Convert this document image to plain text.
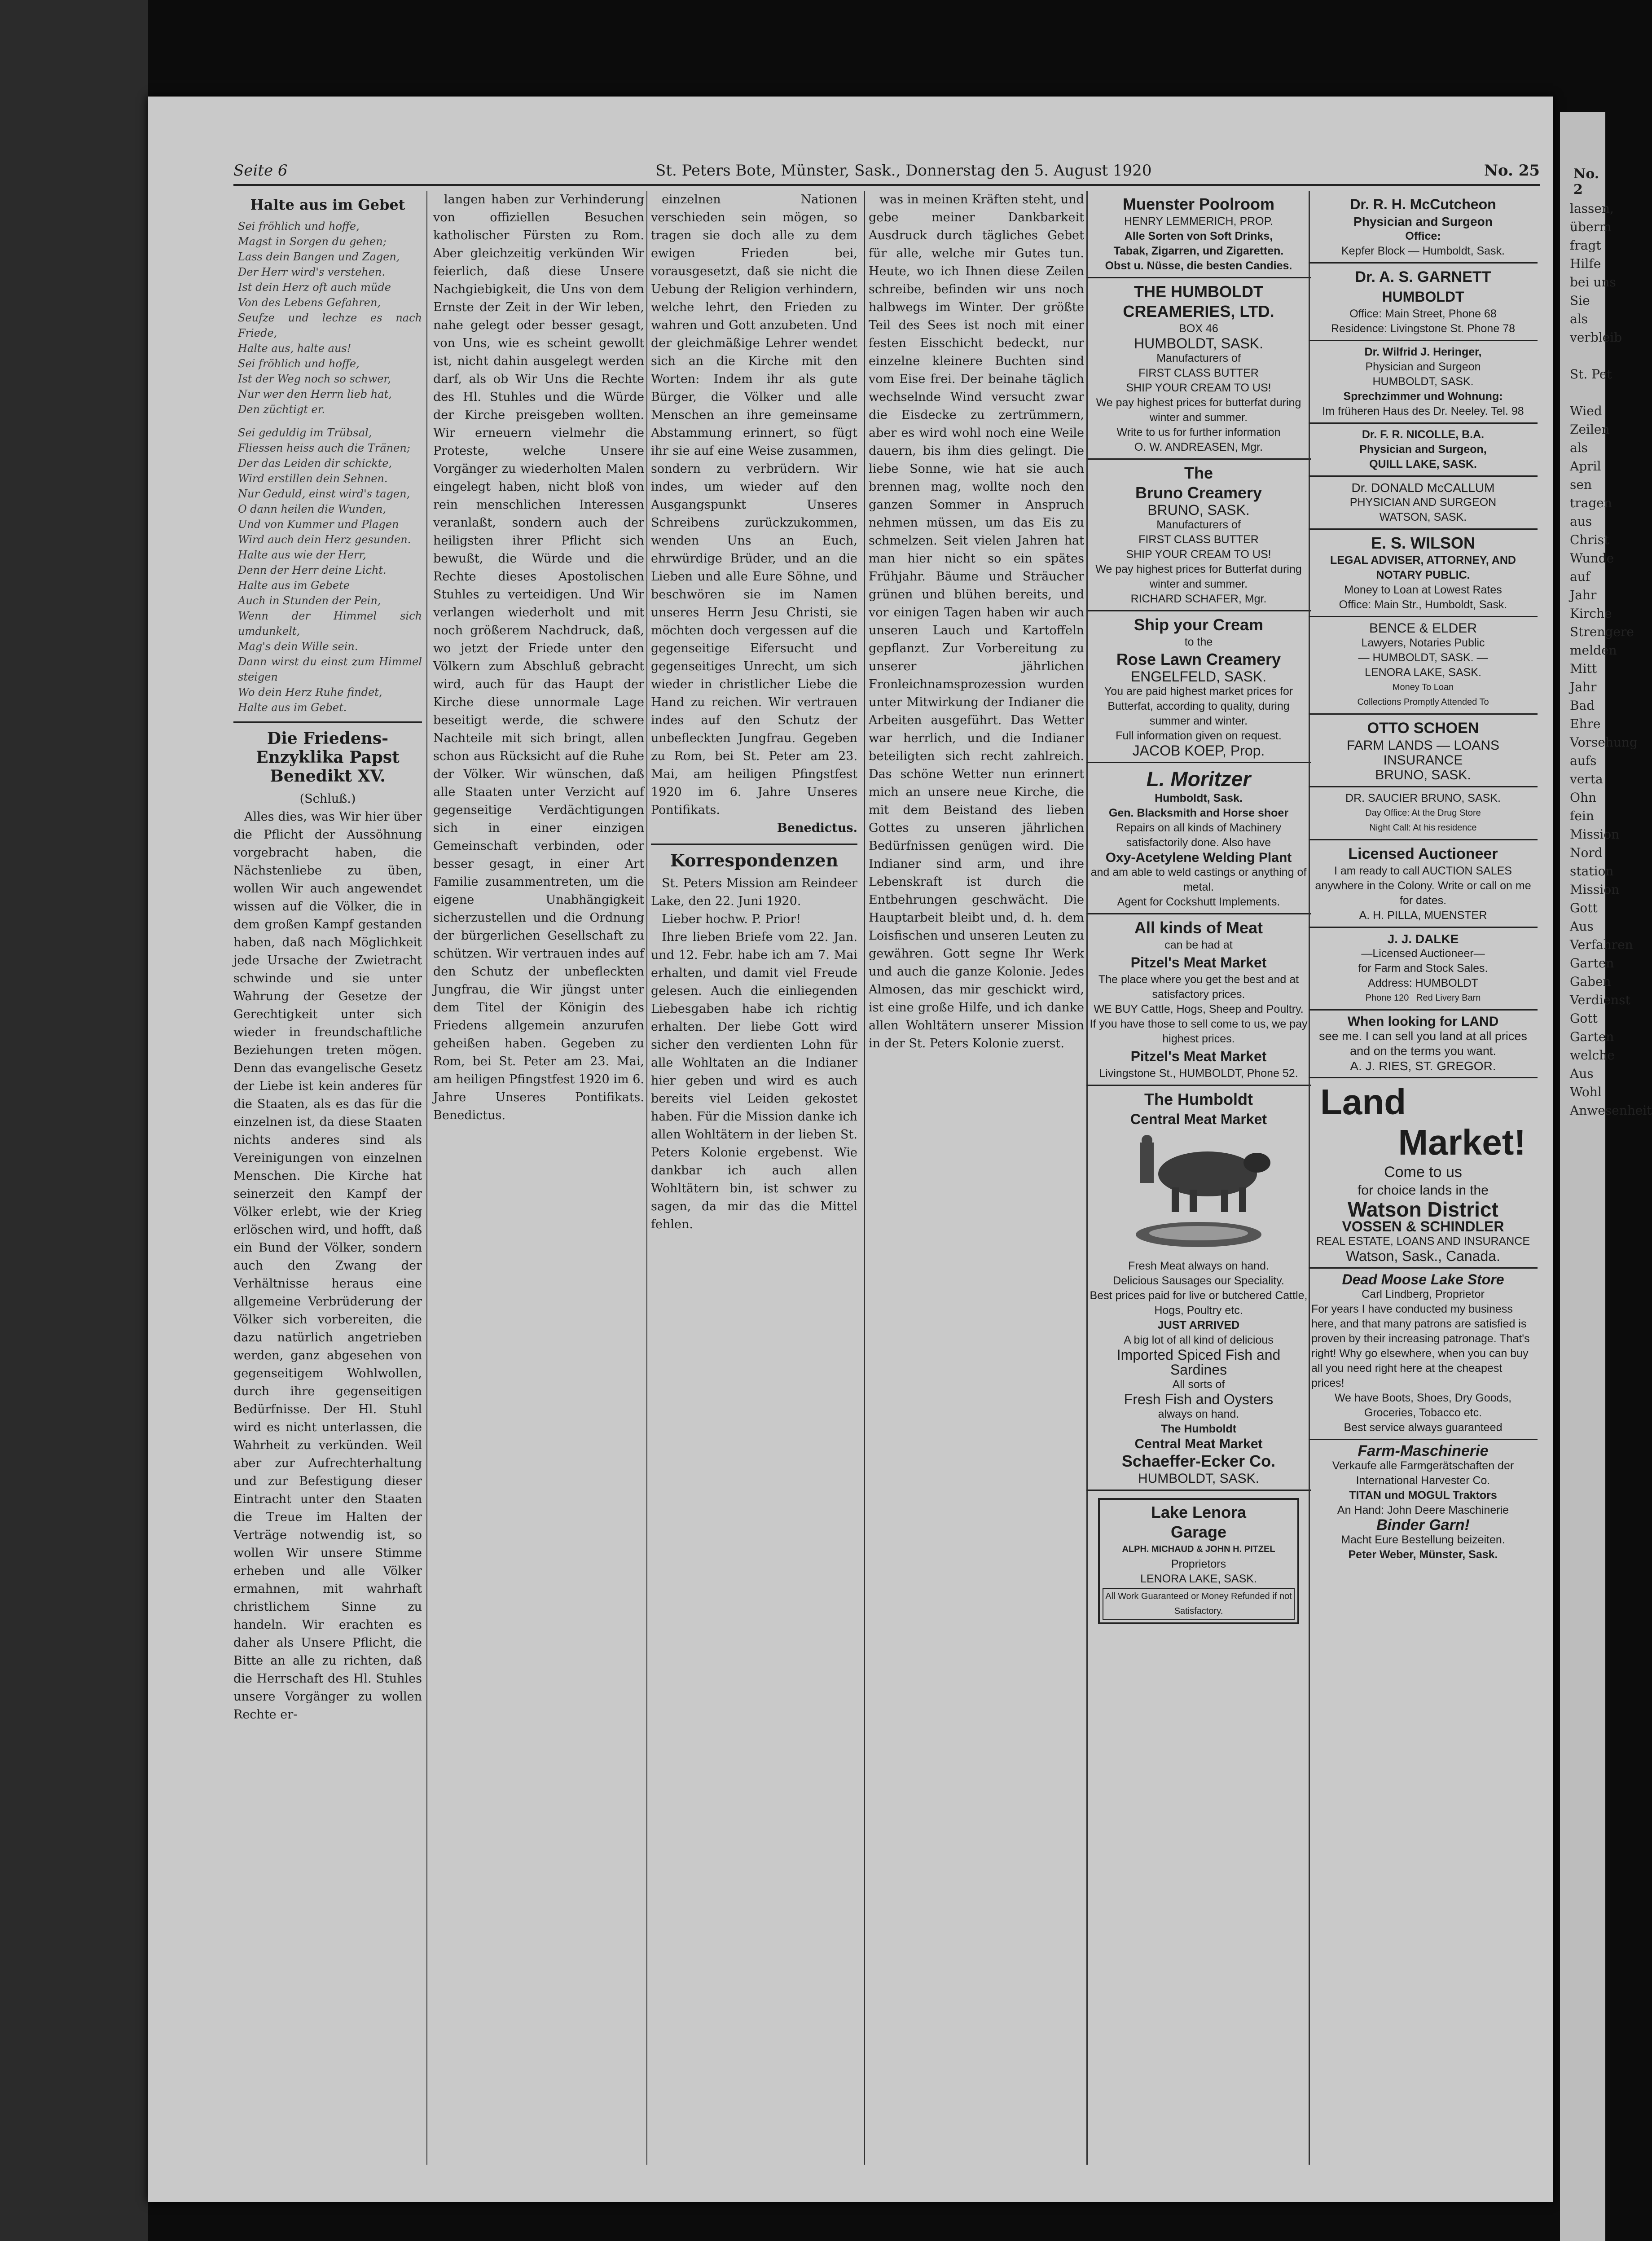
No. 2
lassen,
überm
fragt
Hilfe
bei uns
Sie
als
verbleib

St. Pet

Wied
Zeilen
als
April
sen
tragen
aus
Christ
Wunde
auf
Jahr
Kirche
Strengere
melden
Mitt
Jahr
Bad
Ehre
Vorsehung
aufs
verta
Ohn
fein
Mission
Nord
station
Mission
Gott
Aus
Verfahren
Garten
Gaben
Verdienst
Gott
Garten
welche
Aus
Wohl
Anwesenheit
Seite 6	St. Peters Bote, Münster, Sask., Donnerstag den 5. August 1920	No. 25
Halte aus im Gebet
Sei fröhlich und hoffe,
Magst in Sorgen du gehen;
Lass dein Bangen und Zagen,
Der Herr wird's verstehen.
Ist dein Herz oft auch müde
Von des Lebens Gefahren,
Seufze und lechze es nach Friede,
Halte aus, halte aus!
Sei fröhlich und hoffe,
Ist der Weg noch so schwer,
Nur wer den Herrn lieb hat,
Den züchtigt er.
Sei geduldig im Trübsal,
Fliessen heiss auch die Tränen;
Der das Leiden dir schickte,
Wird erstillen dein Sehnen.
Nur Geduld, einst wird's tagen,
O dann heilen die Wunden,
Und von Kummer und Plagen
Wird auch dein Herz gesunden.
Halte aus wie der Herr,
Denn der Herr deine Licht.
Halte aus im Gebete
Auch in Stunden der Pein,
Wenn der Himmel sich umdunkelt,
Mag's dein Wille sein.
Dann wirst du einst zum Himmel steigen
Wo dein Herz Ruhe findet,
Halte aus im Gebet.
Die Friedens-Enzyklika Papst Benedikt XV.
(Schluß.)
Alles dies, was Wir hier über die Pflicht der Aussöhnung vorgebracht haben, die Nächstenliebe zu üben, wollen Wir auch angewendet wissen auf die Völker, die in dem großen Kampf gestanden haben, daß nach Möglichkeit jede Ursache der Zwietracht schwinde und sie unter Wahrung der Gesetze der Gerechtigkeit unter sich wieder in freundschaftliche Beziehungen treten mögen. Denn das evangelische Gesetz der Liebe ist kein anderes für die Staaten, als es das für die einzelnen ist, da diese Staaten nichts anderes sind als Vereinigungen von einzelnen Menschen. Die Kirche hat seinerzeit den Kampf der Völker erlebt, wie der Krieg erlöschen wird, und hofft, daß ein Bund der Völker, sondern auch den Zwang der Verhältnisse heraus eine allgemeine Verbrüderung der Völker sich vorbereiten, die dazu natürlich angetrieben werden, ganz abgesehen von gegenseitigem Wohlwollen, durch ihre gegenseitigen Bedürfnisse. Der Hl. Stuhl wird es nicht unterlassen, die Wahrheit zu verkünden. Weil aber zur Aufrechterhaltung und zur Befestigung dieser Eintracht unter den Staaten die Treue im Halten der Verträge notwendig ist, so wollen Wir unsere Stimme erheben und alle Völker ermahnen, mit wahrhaft christlichem Sinne zu handeln. Wir erachten es daher als Unsere Pflicht, die Bitte an alle zu richten, daß die Herrschaft des Hl. Stuhles unsere Vorgänger zu wollen Rechte er-
langen haben zur Verhinderung von offiziellen Besuchen katholischer Fürsten zu Rom. Aber gleichzeitig verkünden Wir feierlich, daß diese Unsere Nachgiebigkeit, die Uns von dem Ernste der Zeit in der Wir leben, nahe gelegt oder besser gesagt, von Uns, wie es scheint gewollt ist, nicht dahin ausgelegt werden darf, als ob Wir Uns die Rechte des Hl. Stuhles und die Würde der Kirche preisgeben wollten. Wir erneuern vielmehr die Proteste, welche Unsere Vorgänger zu wiederholten Malen eingelegt haben, nicht bloß von rein menschlichen Interessen veranlaßt, sondern auch der heiligsten ihrer Pflicht sich bewußt, die Würde und die Rechte dieses Apostolischen Stuhles zu verteidigen. Und Wir verlangen wiederholt und mit noch größerem Nachdruck, daß, wo jetzt der Friede unter den Völkern zum Abschluß gebracht wird, auch für das Haupt der Kirche diese unnormale Lage beseitigt werde, die schwere Nachteile mit sich bringt, allen schon aus Rücksicht auf die Ruhe der Völker. Wir wünschen, daß alle Staaten unter Verzicht auf gegenseitige Verdächtigungen sich in einer einzigen Gemeinschaft verbinden, oder besser gesagt, in einer Art Familie zusammentreten, um die eigene Unabhängigkeit sicherzustellen und die Ordnung der bürgerlichen Gesellschaft zu schützen. Wir vertrauen indes auf den Schutz der unbefleckten Jungfrau, die Wir jüngst unter dem Titel der Königin des Friedens allgemein anzurufen geheißen haben. Gegeben zu Rom, bei St. Peter am 23. Mai, am heiligen Pfingstfest 1920 im 6. Jahre Unseres Pontifikats. Benedictus.
einzelnen Nationen verschieden sein mögen, so tragen sie doch alle zu dem ewigen Frieden bei, vorausgesetzt, daß sie nicht die Uebung der Religion verhindern, welche lehrt, den Frieden zu wahren und Gott anzubeten. Und der gleichmäßige Lehrer wendet sich an die Kirche mit den Worten: Indem ihr als gute Bürger, die Völker und alle Menschen an ihre gemeinsame Abstammung erinnert, so fügt ihr sie auf eine Weise zusammen, sondern zu verbrüdern. Wir indes, um wieder auf den Ausgangspunkt Unseres Schreibens zurückzukommen, wenden Uns an Euch, ehrwürdige Brüder, und an die Lieben und alle Eure Söhne, und beschwören sie im Namen unseres Herrn Jesu Christi, sie möchten doch vergessen auf die gegenseitige Eifersucht und gegenseitiges Unrecht, um sich wieder in christlicher Liebe die Hand zu reichen. Wir vertrauen indes auf den Schutz der unbefleckten Jungfrau. Gegeben zu Rom, bei St. Peter am 23. Mai, am heiligen Pfingstfest 1920 im 6. Jahre Unseres Pontifikats.
Benedictus.
Korrespondenzen
St. Peters Mission am Reindeer Lake, den 22. Juni 1920.
Lieber hochw. P. Prior!
Ihre lieben Briefe vom 22. Jan. und 12. Febr. habe ich am 7. Mai erhalten, und damit viel Freude gelesen. Auch die einliegenden Liebesgaben habe ich richtig erhalten. Der liebe Gott wird sicher den verdienten Lohn für alle Wohltaten an die Indianer hier geben und wird es auch bereits viel Leiden gekostet haben. Für die Mission danke ich allen Wohltätern in der lieben St. Peters Kolonie ergebenst. Wie dankbar ich auch allen Wohltätern bin, ist schwer zu sagen, da mir das die Mittel fehlen.
was in meinen Kräften steht, und gebe meiner Dankbarkeit Ausdruck durch tägliches Gebet für alle, welche mir Gutes tun. Heute, wo ich Ihnen diese Zeilen schreibe, befinden wir uns noch halbwegs im Winter. Der größte Teil des Sees ist noch mit einer festen Eisschicht bedeckt, nur einzelne kleinere Buchten sind vom Eise frei. Der beinahe täglich wechselnde Wind versucht zwar die Eisdecke zu zertrümmern, aber es wird wohl noch eine Weile dauern, bis ihm dies gelingt. Die liebe Sonne, wie hat sie auch brennen mag, wollte noch den ganzen Sommer in Anspruch nehmen müssen, um das Eis zu schmelzen. Seit vielen Jahren hat man hier nicht so ein spätes Frühjahr. Bäume und Sträucher grünen und blühen bereits, und vor einigen Tagen haben wir auch unseren Lauch und Kartoffeln gepflanzt. Zur Vorbereitung zu unserer jährlichen Fronleichnamsprozession wurden unter Mitwirkung der Indianer die Arbeiten ausgeführt. Das Wetter war herrlich, und die Indianer beteiligten sich recht zahlreich. Das schöne Wetter nun erinnert mich an unsere neue Kirche, die mit dem Beistand des lieben Gottes zu unseren jährlichen Bedürfnissen genügen wird. Die Indianer sind arm, und ihre Lebenskraft ist durch die Entbehrungen geschwächt. Die Hauptarbeit bleibt und, d. h. dem Loisfischen und unseren Leuten zu gewähren. Gott segne Ihr Werk und auch die ganze Kolonie. Jedes Almosen, das mir geschickt wird, ist eine große Hilfe, und ich danke allen Wohltätern unserer Mission in der St. Peters Kolonie zuerst.
Muenster Poolroom
HENRY LEMMERICH, PROP.
Alle Sorten von Soft Drinks,
Tabak, Zigarren, und Zigaretten.
Obst u. Nüsse, die besten Candies.
THE HUMBOLDT
CREAMERIES, LTD.
BOX 46
HUMBOLDT, SASK.
Manufacturers of
FIRST CLASS BUTTER
SHIP YOUR CREAM TO US!
We pay highest prices for butterfat during winter and summer.
Write to us for further information
O. W. ANDREASEN, Mgr.
The
Bruno Creamery
BRUNO, SASK.
Manufacturers of
FIRST CLASS BUTTER
SHIP YOUR CREAM TO US!
We pay highest prices for Butterfat during winter and summer.
RICHARD SCHAFER, Mgr.
Ship your Cream
to the
Rose Lawn Creamery
ENGELFELD, SASK.
You are paid highest market prices for Butterfat, according to quality, during summer and winter.
Full information given on request.
JACOB KOEP, Prop.
L. Moritzer
Humboldt, Sask.
Gen. Blacksmith and Horse shoer
Repairs on all kinds of Machinery satisfactorily done. Also have
Oxy-Acetylene Welding Plant
and am able to weld castings or anything of metal.
Agent for Cockshutt Implements.
All kinds of Meat
can be had at
Pitzel's Meat Market
The place where you get the best and at satisfactory prices.
WE BUY Cattle, Hogs, Sheep and Poultry. If you have those to sell come to us, we pay highest prices.
Pitzel's Meat Market
Livingstone St., HUMBOLDT, Phone 52.
The Humboldt
Central Meat Market
Fresh Meat always on hand.
Delicious Sausages our Speciality.
Best prices paid for live or butchered Cattle, Hogs, Poultry etc.
JUST ARRIVED
A big lot of all kind of delicious
Imported Spiced Fish and Sardines
All sorts of
Fresh Fish and Oysters
always on hand.
The Humboldt
Central Meat Market
Schaeffer-Ecker Co.
HUMBOLDT, SASK.
Lake Lenora
Garage
ALPH. MICHAUD & JOHN H. PITZEL
Proprietors
LENORA LAKE, SASK.
All Work Guaranteed or Money Refunded if not Satisfactory.
Dr. R. H. McCutcheon
Physician and Surgeon
Office:
Kepfer Block — Humboldt, Sask.
Dr. A. S. GARNETT
HUMBOLDT
Office: Main Street, Phone 68
Residence: Livingstone St. Phone 78
Dr. Wilfrid J. Heringer,
Physician and Surgeon
HUMBOLDT, SASK.
Sprechzimmer und Wohnung:
Im früheren Haus des Dr. Neeley. Tel. 98
Dr. F. R. NICOLLE, B.A.
Physician and Surgeon,
QUILL LAKE, SASK.
Dr. DONALD McCALLUM
PHYSICIAN AND SURGEON
WATSON, SASK.
E. S. WILSON
LEGAL ADVISER, ATTORNEY, AND NOTARY PUBLIC.
Money to Loan at Lowest Rates
Office: Main Str., Humboldt, Sask.
BENCE & ELDER
Lawyers, Notaries Public
— HUMBOLDT, SASK. —
LENORA LAKE, SASK.
Money To Loan
Collections Promptly Attended To
OTTO SCHOEN
FARM LANDS — LOANS
INSURANCE
BRUNO, SASK.
DR. SAUCIER BRUNO, SASK.
Day Office: At the Drug Store
Night Call: At his residence
Licensed Auctioneer
I am ready to call AUCTION SALES anywhere in the Colony. Write or call on me for dates.
A. H. PILLA, MUENSTER
J. J. DALKE
—Licensed Auctioneer—
for Farm and Stock Sales.
Address: HUMBOLDT
Phone 120 Red Livery Barn
When looking for LAND
see me. I can sell you land at all prices and on the terms you want.
A. J. RIES, ST. GREGOR.
Land
Market!
Come to us
for choice lands in the
Watson District
VOSSEN & SCHINDLER
REAL ESTATE, LOANS AND INSURANCE
Watson, Sask., Canada.
Dead Moose Lake Store
Carl Lindberg, Proprietor
For years I have conducted my business here, and that many patrons are satisfied is proven by their increasing patronage. That's right! Why go elsewhere, when you can buy all you need right here at the cheapest prices!
We have Boots, Shoes, Dry Goods, Groceries, Tobacco etc.
Best service always guaranteed
Farm-Maschinerie
Verkaufe alle Farmgerätschaften der International Harvester Co.
TITAN und MOGUL Traktors
An Hand: John Deere Maschinerie
Binder Garn!
Macht Eure Bestellung beizeiten.
Peter Weber, Münster, Sask.
